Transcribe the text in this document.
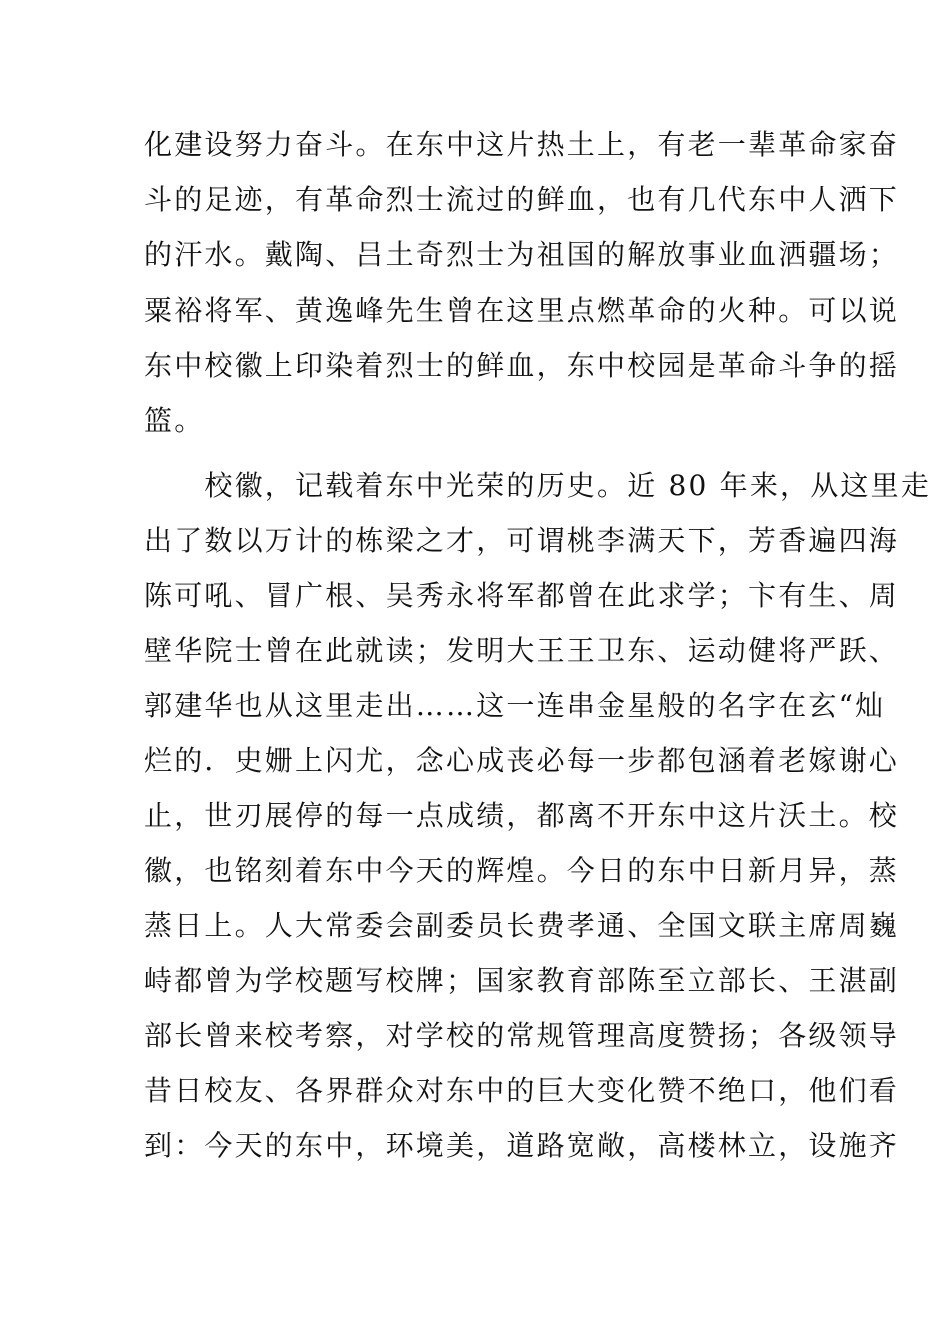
化建设努力奋斗。在东中这片热土上，有老一辈革命家奋
斗的足迹，有革命烈士流过的鲜血，也有几代东中人洒下
的汗水。戴陶、吕土奇烈士为祖国的解放事业血洒疆场；
粟裕将军、黄逸峰先生曾在这里点燃革命的火种。可以说
东中校徽上印染着烈士的鲜血，东中校园是革命斗争的摇
篮。
　　校徽，记载着东中光荣的历史。近 80 年来，从这里走
出了数以万计的栋梁之才，可谓桃李满天下，芳香遍四海
陈可吼、冒广根、吴秀永将军都曾在此求学；卞有生、周
壁华院士曾在此就读；发明大王王卫东、运动健将严跃、
郭建华也从这里走出……这一连串金星般的名字在玄“灿
烂的．史姗上闪尤，念心成丧必每一步都包涵着老嫁谢心
止，世刃展停的每一点成绩，都离不开东中这片沃土。校
徽，也铭刻着东中今天的辉煌。今日的东中日新月异，蒸
蒸日上。人大常委会副委员长费孝通、全国文联主席周巍
峙都曾为学校题写校牌；国家教育部陈至立部长、王湛副
部长曾来校考察，对学校的常规管理高度赞扬；各级领导
昔日校友、各界群众对东中的巨大变化赞不绝口，他们看
到：今天的东中，环境美，道路宽敞，高楼林立，设施齐
